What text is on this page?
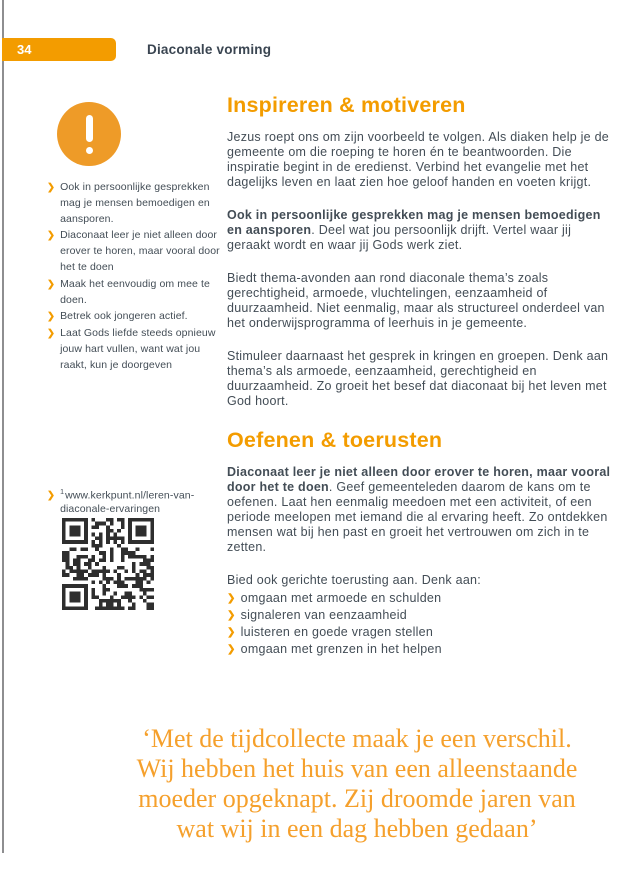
34	Diaconale vorming
❯ Ook in persoonlijke gesprekken mag je mensen bemoedigen en aansporen.
❯ Diaconaat leer je niet alleen door erover te horen, maar vooral door het te doen
❯ Maak het eenvoudig om mee te doen.
❯ Betrek ook jongeren actief.
❯ Laat Gods liefde steeds opnieuw jouw hart vullen, want wat jou raakt, kun je doorgeven
❯ $^1$www.kerkpunt.nl/leren-van-diaconale-ervaringen
Inspireren & motiveren

Jezus roept ons om zijn voorbeeld te volgen. Als diaken help je de gemeente om die roeping te horen én te beantwoorden. Die inspiratie begint in de eredienst. Verbind het evangelie met het dagelijks leven en laat zien hoe geloof handen en voeten krijgt.

Ook in persoonlijke gesprekken mag je mensen bemoedigen en aansporen. Deel wat jou persoonlijk drijft. Vertel waar jij geraakt wordt en waar jij Gods werk ziet.

Biedt thema-avonden aan rond diaconale thema’s zoals gerechtigheid, armoede, vluchtelingen, eenzaamheid of duurzaamheid. Niet eenmalig, maar als structureel onderdeel van het onderwijsprogramma of leerhuis in je gemeente.

Stimuleer daarnaast het gesprek in kringen en groepen. Denk aan thema’s als armoede, eenzaamheid, gerechtigheid en duurzaamheid. Zo groeit het besef dat diaconaat bij het leven met God hoort.

Oefenen & toerusten

Diaconaat leer je niet alleen door erover te horen, maar vooral door het te doen. Geef gemeenteleden daarom de kans om te oefenen. Laat hen eenmalig meedoen met een activiteit, of een periode meelopen met iemand die al ervaring heeft. Zo ontdekken mensen wat bij hen past en groeit het vertrouwen om zich in te zetten.

Bied ook gerichte toerusting aan. Denk aan:

❯ omgaan met armoede en schulden
❯ signaleren van eenzaamheid
❯ luisteren en goede vragen stellen
❯ omgaan met grenzen in het helpen
‘Met de tijdcollecte maak je een verschil.
Wij hebben het huis van een alleenstaande
moeder opgeknapt. Zij droomde jaren van
wat wij in een dag hebben gedaan’
